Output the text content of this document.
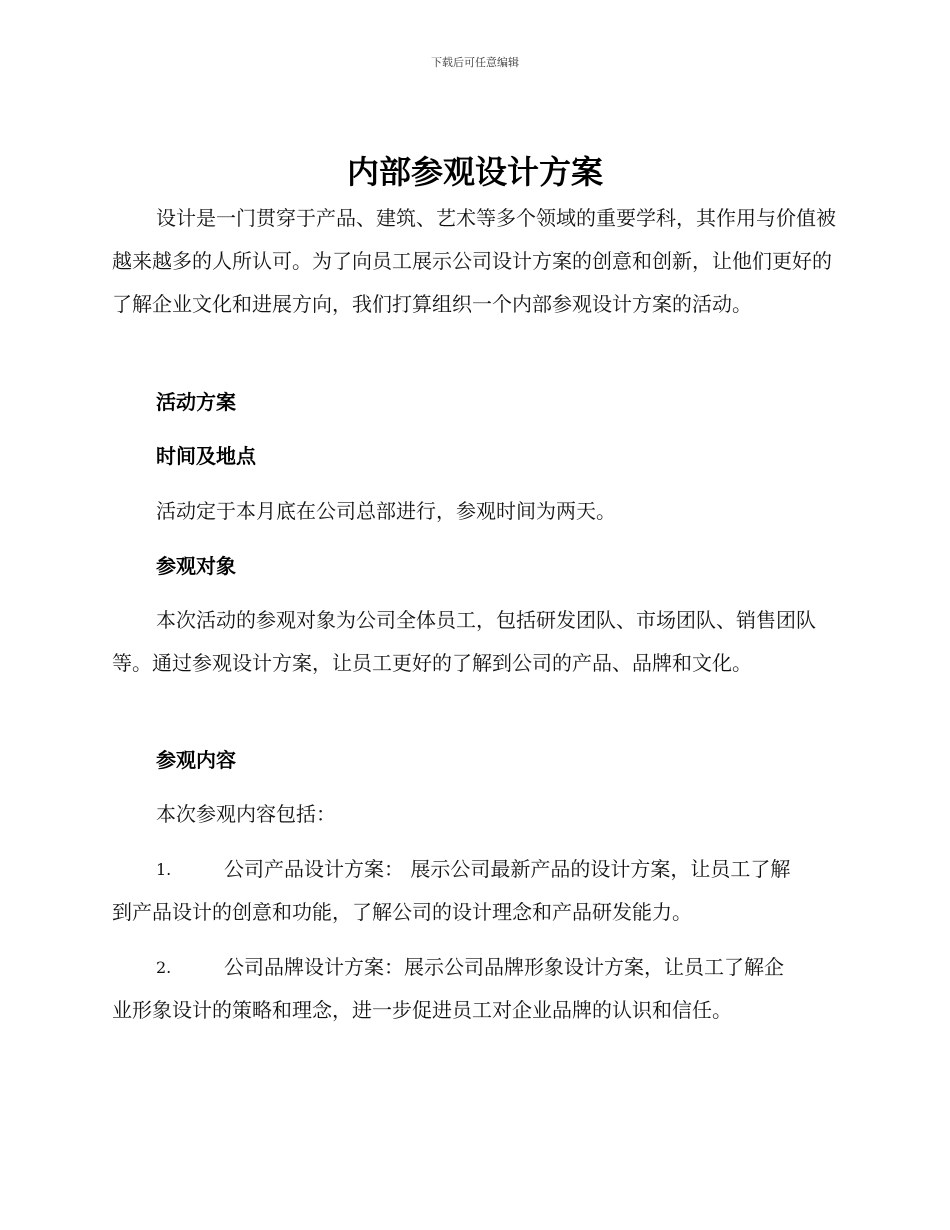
下载后可任意编辑
内部参观设计方案

设计是一门贯穿于产品、建筑、艺术等多个领域的重要学科，其作用与价值被越来越多的人所认可。为了向员工展示公司设计方案的创意和创新，让他们更好的了解企业文化和进展方向，我们打算组织一个内部参观设计方案的活动。

活动方案
时间及地点

活动定于本月底在公司总部进行，参观时间为两天。

参观对象

本次活动的参观对象为公司全体员工，包括研发团队、市场团队、销售团队等。通过参观设计方案，让员工更好的了解到公司的产品、品牌和文化。

参观内容

本次参观内容包括：

1.	公司产品设计方案： 展示公司最新产品的设计方案，让员工了解
到产品设计的创意和功能，了解公司的设计理念和产品研发能力。
2.	公司品牌设计方案：展示公司品牌形象设计方案，让员工了解企
业形象设计的策略和理念，进一步促进员工对企业品牌的认识和信任。
